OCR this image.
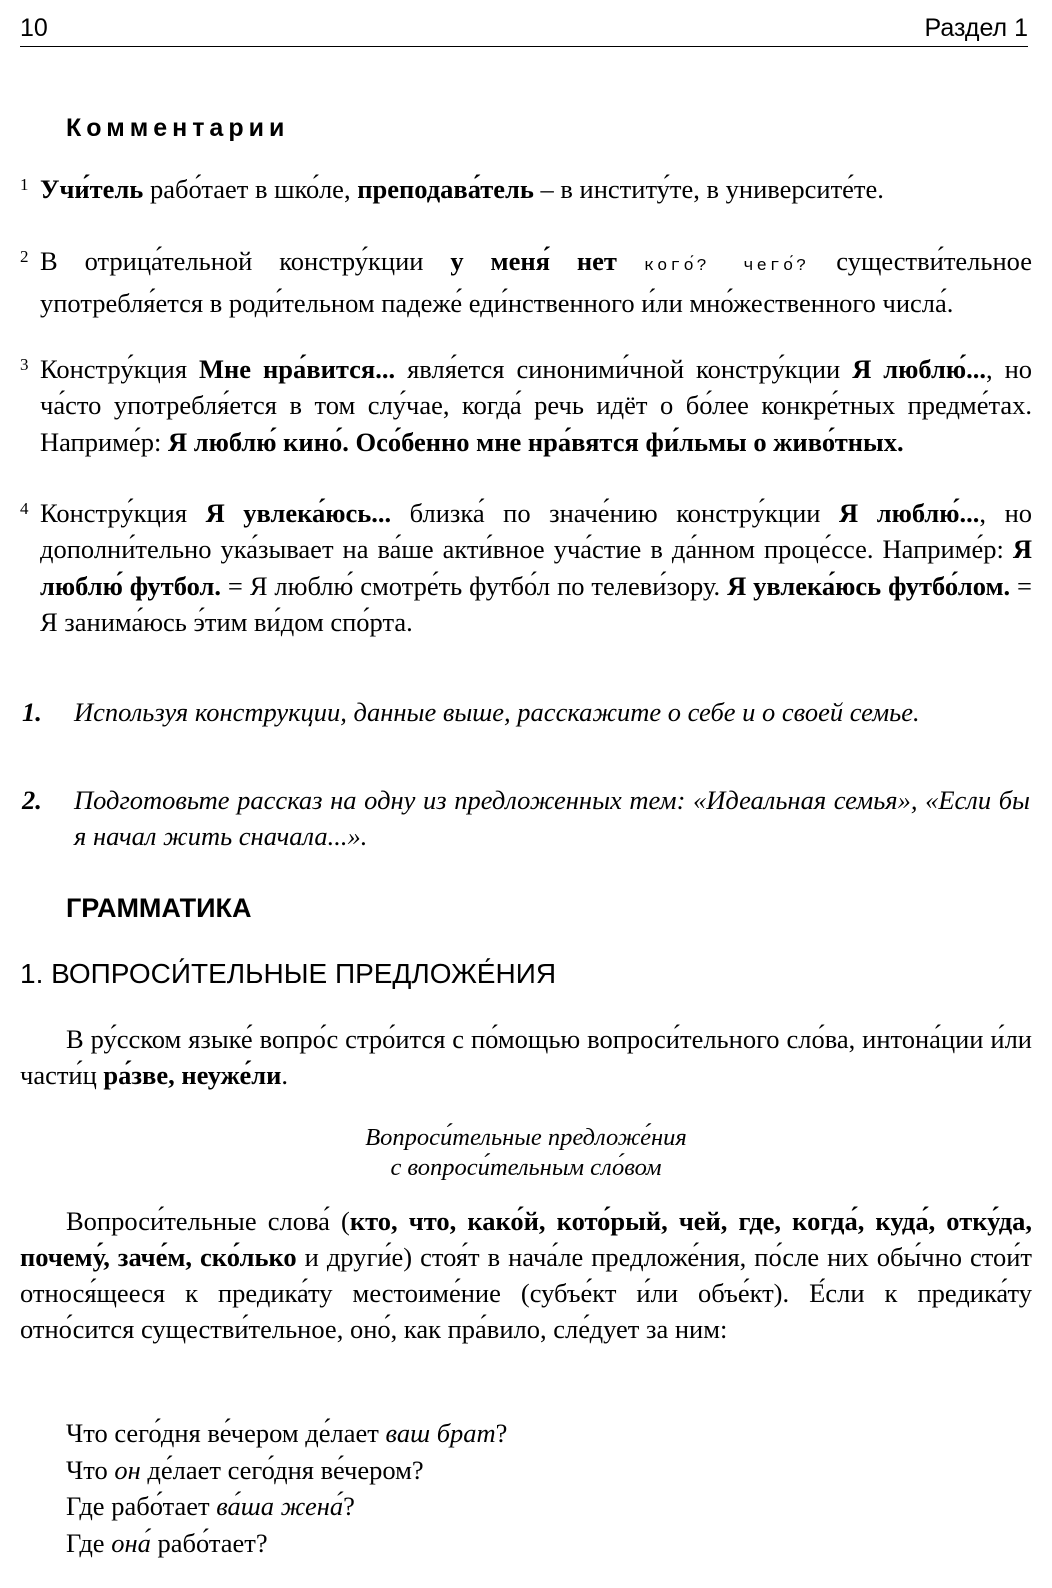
10	Раздел 1
Комментарии
1 Учи́тель рабо́тает в шко́ле, преподава́тель – в институ́те, в университе́те.
2 В отрица́тельной констру́кции у меня́ нет кого́? чего́? существи́тельное употребля́ется в роди́тельном падеже́ еди́нственного и́ли мно́жественного числа́.
3 Констру́кция Мне нра́вится... явля́ется синоними́чной констру́кции Я люблю́..., но ча́сто употребля́ется в том слу́чае, когда́ речь идёт о бо́лее конкре́тных предме́тах. Наприме́р: Я люблю́ кино́. Осо́бенно мне нра́вятся фи́льмы о живо́тных.
4 Констру́кция Я увлека́юсь... близка́ по значе́нию констру́кции Я люблю́..., но дополни́тельно ука́зывает на ва́ше акти́вное уча́стие в да́нном проце́ссе. Наприме́р: Я люблю́ футбол. = Я люблю́ смотре́ть футбо́л по телеви́зору. Я увлека́юсь футбо́лом. = Я занима́юсь э́тим ви́дом спо́рта.
1. Используя конструкции, данные выше, расскажите о себе и о своей семье.
2. Подготовьте рассказ на одну из предложенных тем: «Идеальная семья», «Если бы я начал жить сначала...».
ГРАММАТИКА
1. ВОПРОСИ́ТЕЛЬНЫЕ ПРЕДЛОЖЕ́НИЯ
В ру́сском языке́ вопро́с стро́ится с по́мощью вопроси́тельного сло́ва, интона́ции и́ли части́ц ра́зве, неуже́ли.
Вопроси́тельные предложе́ния
с вопроси́тельным сло́вом
Вопроси́тельные слова́ (кто, что, како́й, кото́рый, чей, где, когда́, куда́, отку́да, почему́, заче́м, ско́лько и други́е) стоя́т в нача́ле предложе́ния, по́сле них обы́чно стои́т относя́щееся к предика́ту местоиме́ние (субъе́кт и́ли объе́кт). Е́сли к предика́ту отно́сится существи́тельное, оно́, как пра́вило, сле́дует за ним:
Что сего́дня ве́чером де́лает ваш брат?
Что он де́лает сего́дня ве́чером?
Где рабо́тает ва́ша жена́?
Где она́ рабо́тает?
